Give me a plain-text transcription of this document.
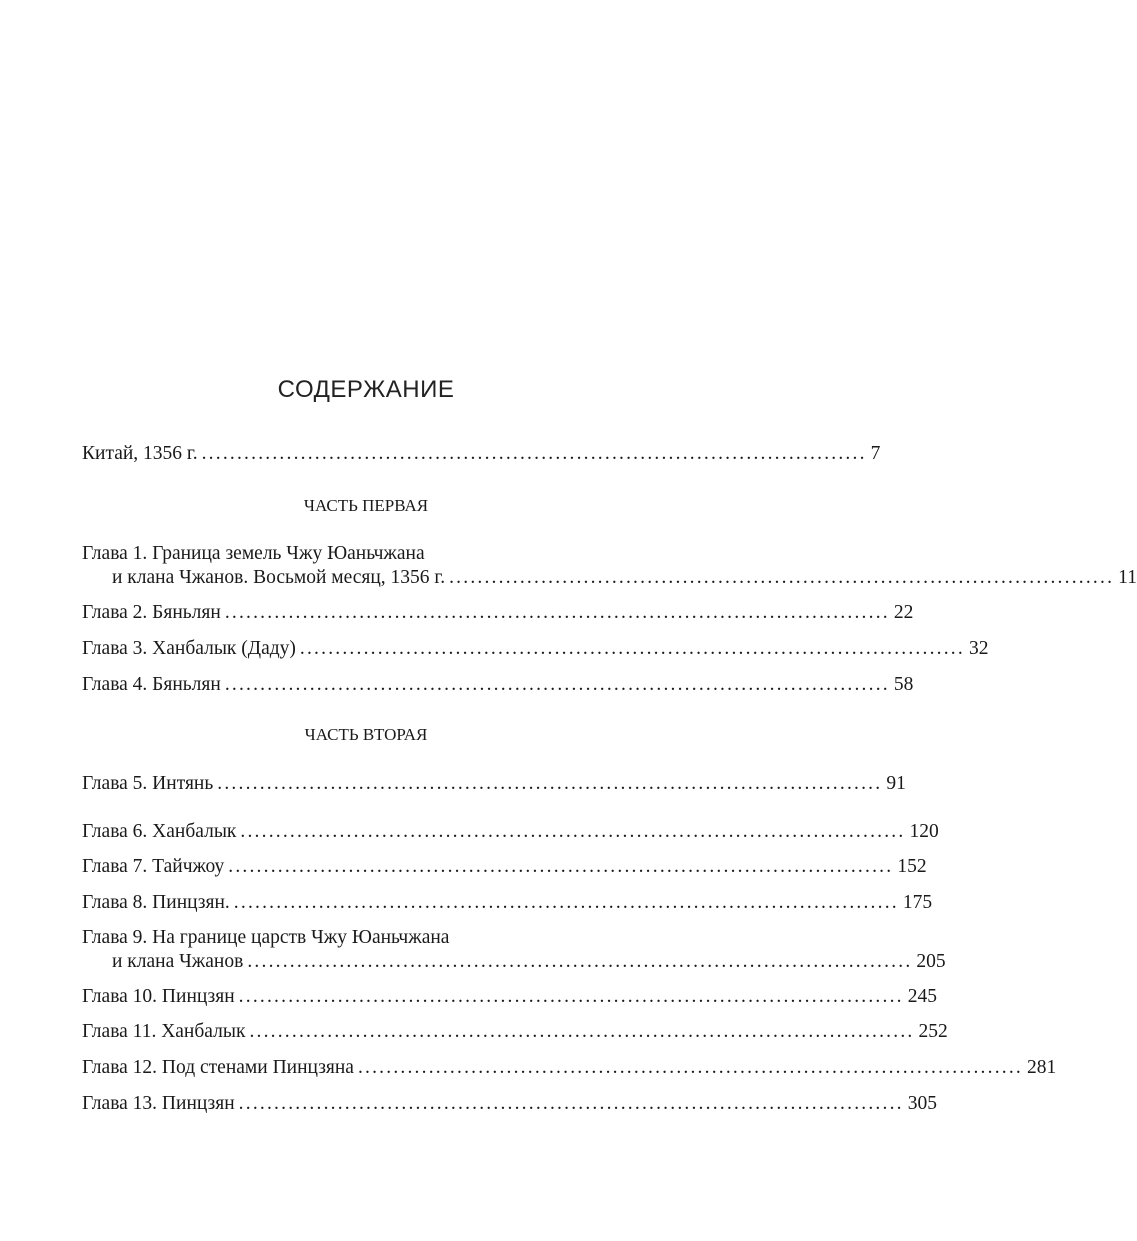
СОДЕРЖАНИЕ
Китай, 1356 г. .............................................................................................. 7
ЧАСТЬ ПЕРВАЯ
Глава 1. Граница земель Чжу Юаньчжана
и клана Чжанов. Восьмой месяц, 1356 г. .............................................................................................. 11
Глава 2. Бяньлян .............................................................................................. 22
Глава 3. Ханбалык (Даду) .............................................................................................. 32
Глава 4. Бяньлян .............................................................................................. 58
ЧАСТЬ ВТОРАЯ
Глава 5. Интянь .............................................................................................. 91
Глава 6. Ханбалык .............................................................................................. 120
Глава 7. Тайчжоу .............................................................................................. 152
Глава 8. Пинцзян. .............................................................................................. 175
Глава 9. На границе царств Чжу Юаньчжана
и клана Чжанов .............................................................................................. 205
Глава 10. Пинцзян .............................................................................................. 245
Глава 11. Ханбалык .............................................................................................. 252
Глава 12. Под стенами Пинцзяна .............................................................................................. 281
Глава 13. Пинцзян .............................................................................................. 305
